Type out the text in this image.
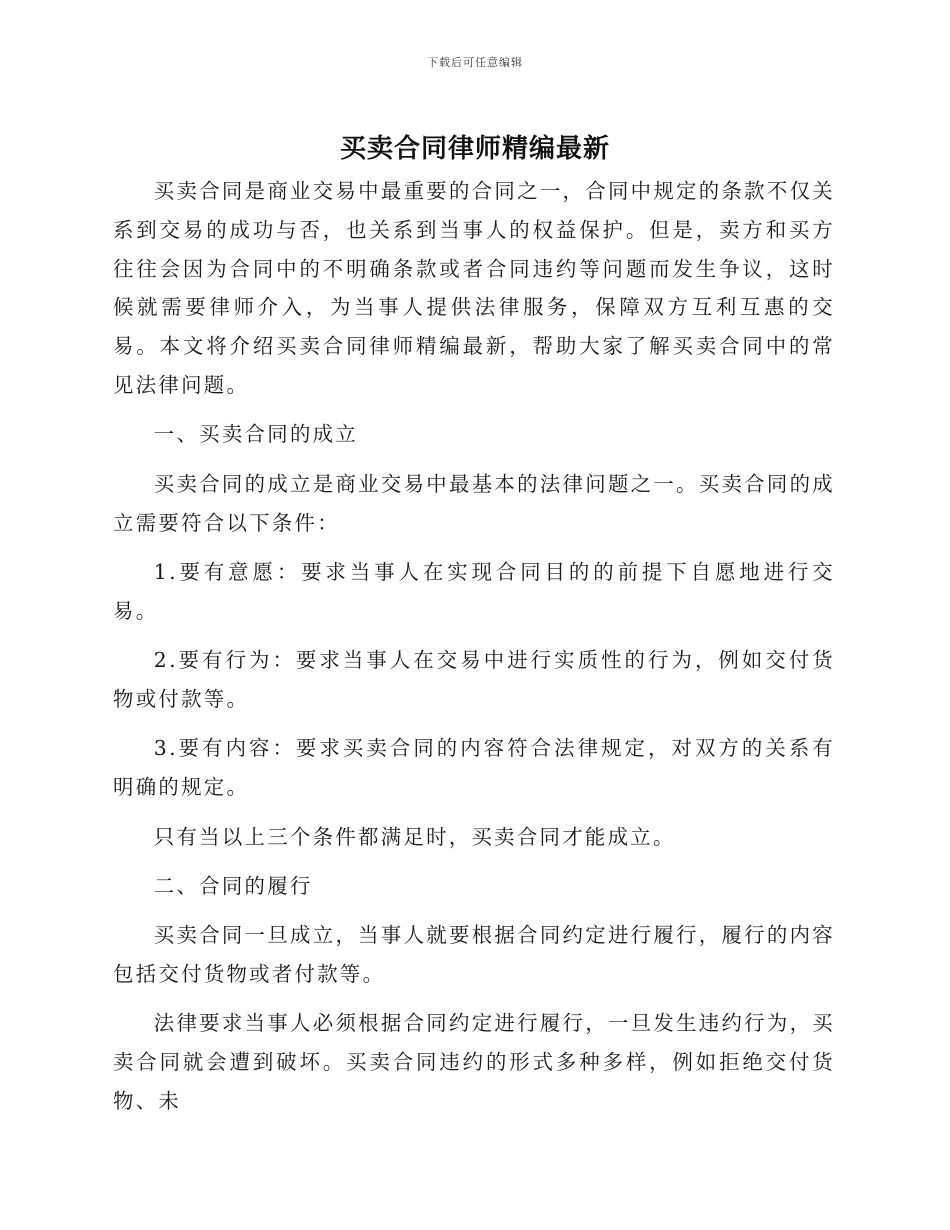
下载后可任意编辑
买卖合同律师精编最新

买卖合同是商业交易中最重要的合同之一，合同中规定的条款不仅关系到交易的成功与否，也关系到当事人的权益保护。但是，卖方和买方往往会因为合同中的不明确条款或者合同违约等问题而发生争议，这时候就需要律师介入，为当事人提供法律服务，保障双方互利互惠的交易。本文将介绍买卖合同律师精编最新，帮助大家了解买卖合同中的常见法律问题。

一、买卖合同的成立

买卖合同的成立是商业交易中最基本的法律问题之一。买卖合同的成立需要符合以下条件：

1.要有意愿：要求当事人在实现合同目的的前提下自愿地进行交易。

2.要有行为：要求当事人在交易中进行实质性的行为，例如交付货物或付款等。

3.要有内容：要求买卖合同的内容符合法律规定，对双方的关系有明确的规定。

只有当以上三个条件都满足时，买卖合同才能成立。

二、合同的履行

买卖合同一旦成立，当事人就要根据合同约定进行履行，履行的内容包括交付货物或者付款等。

法律要求当事人必须根据合同约定进行履行，一旦发生违约行为，买卖合同就会遭到破坏。买卖合同违约的形式多种多样，例如拒绝交付货物、未
